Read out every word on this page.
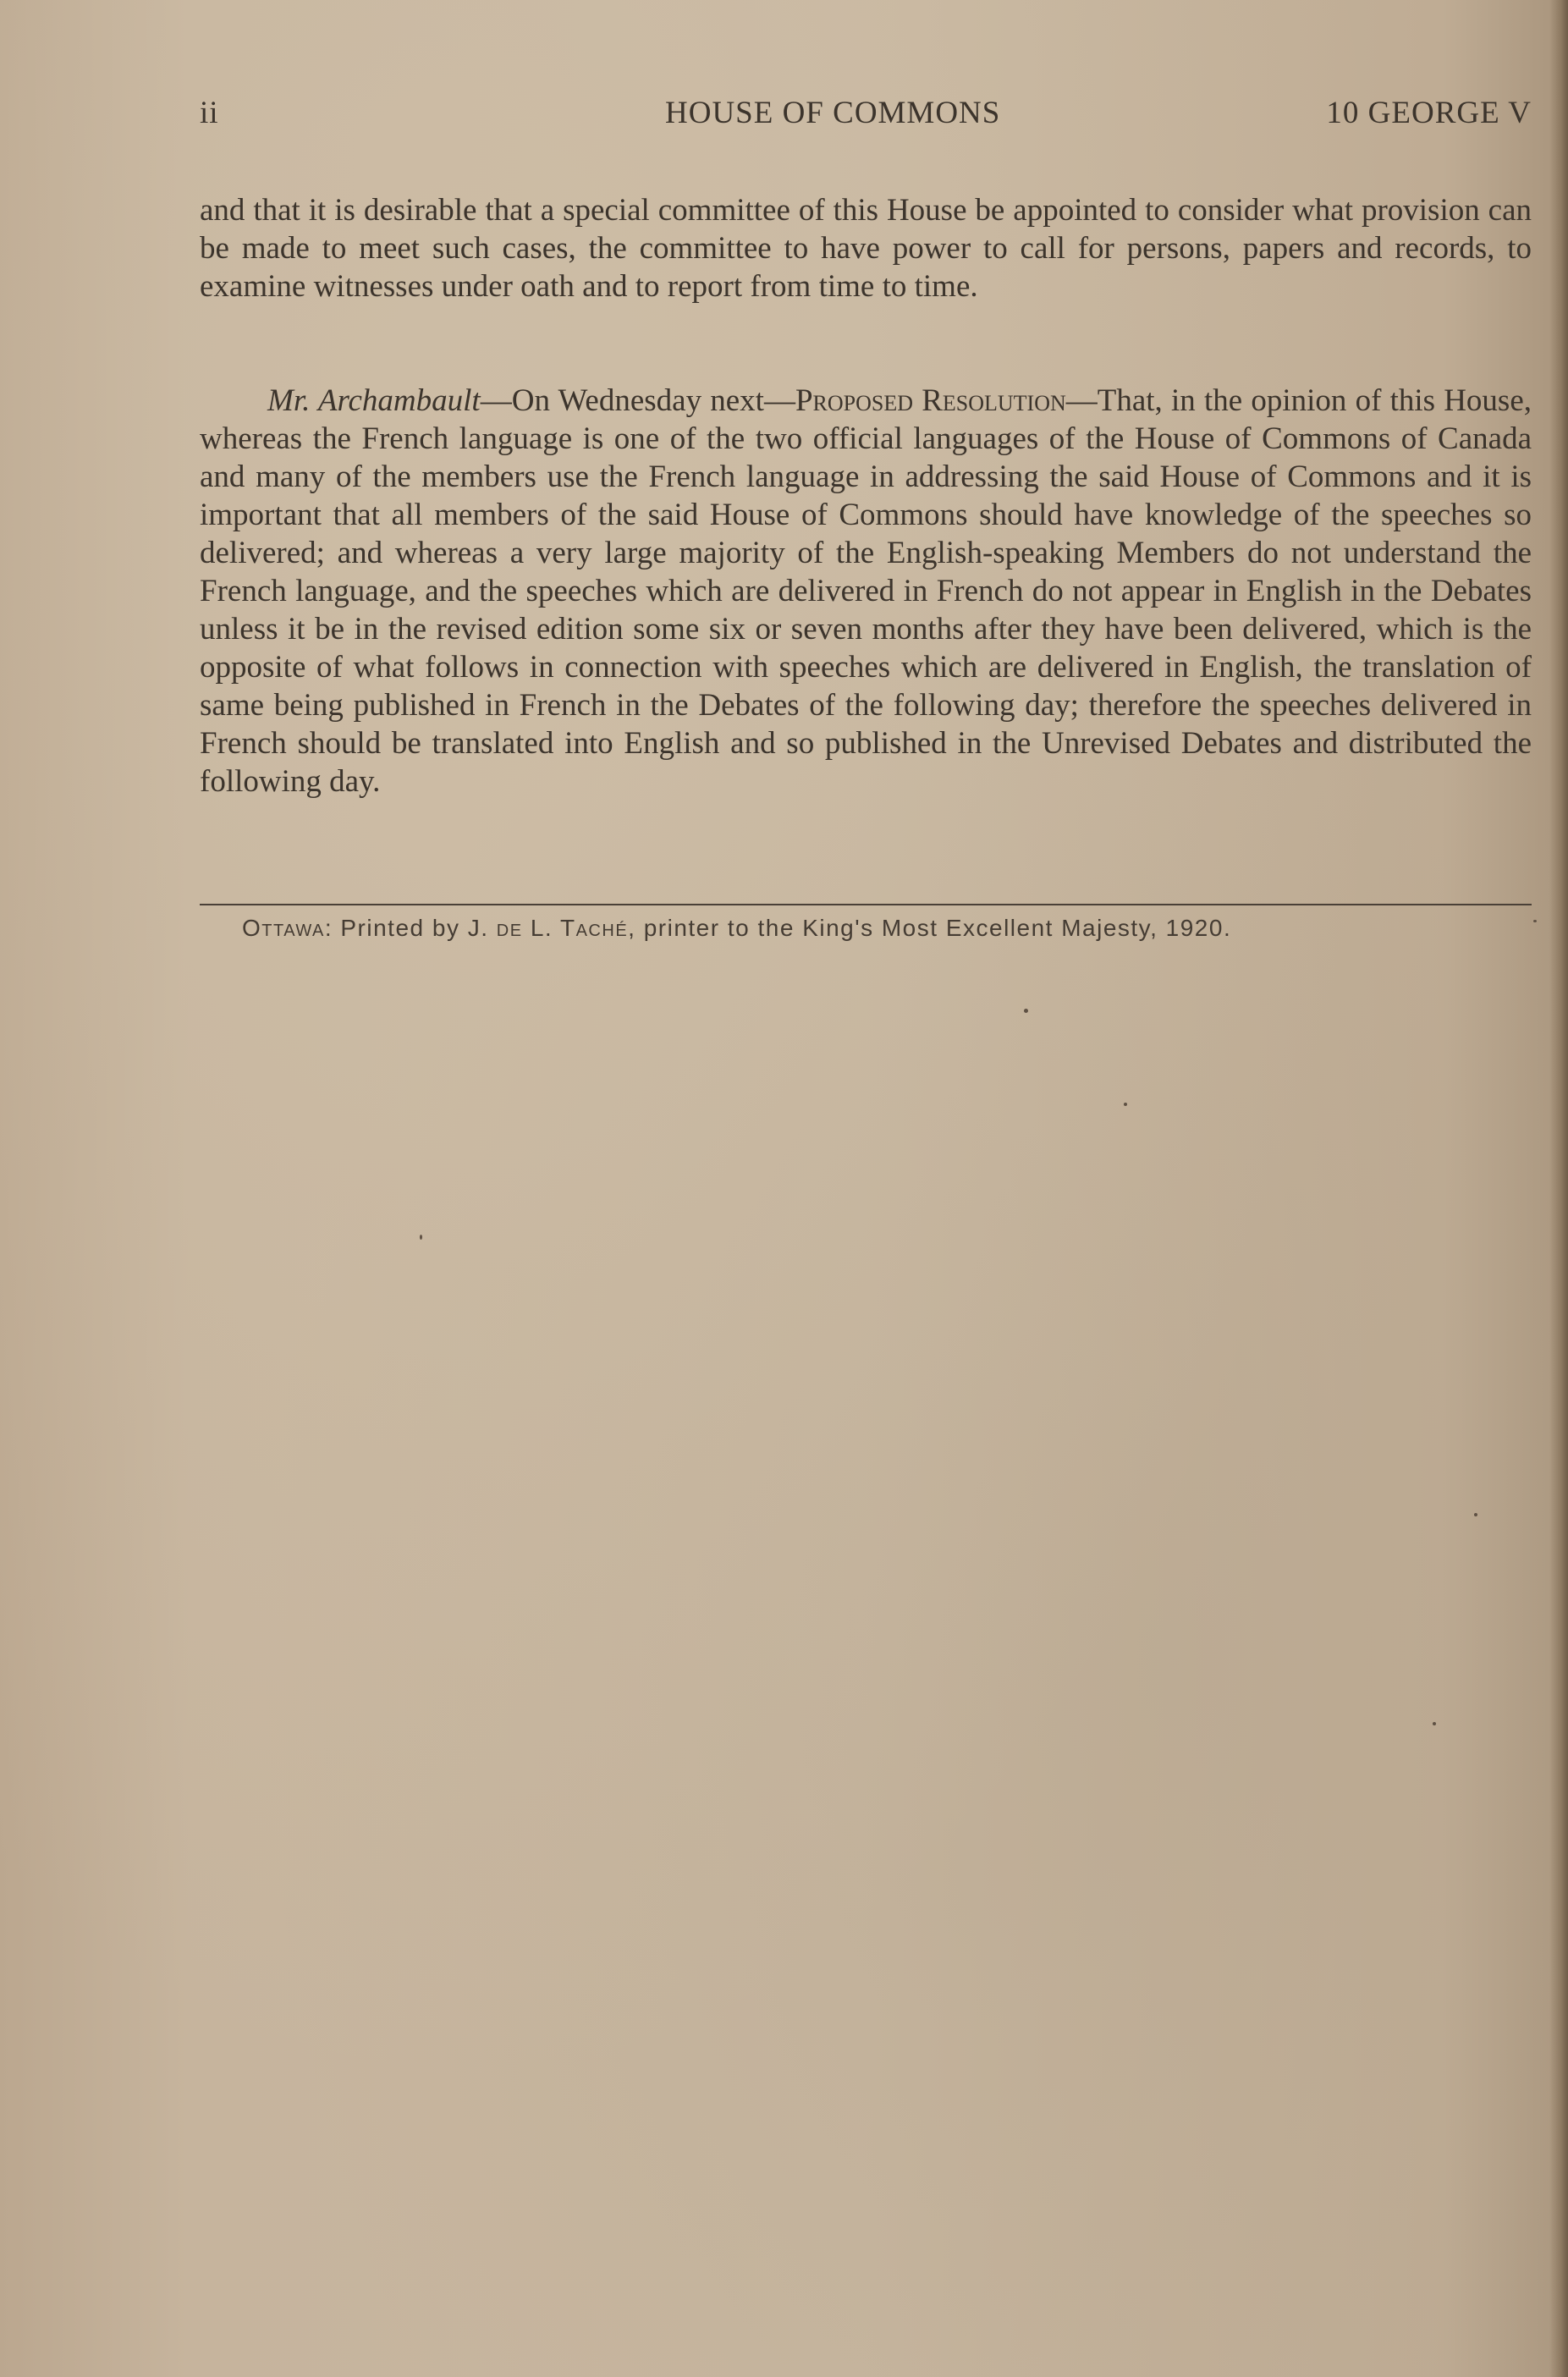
ii	HOUSE OF COMMONS	10 GEORGE V

and that it is desirable that a special committee of this House be appointed to consider what provision can be made to meet such cases, the committee to have power to call for persons, papers and records, to examine witnesses under oath and to report from time to time.

Mr. Archambault—On Wednesday next—Proposed Resolution—That, in the opinion of this House, whereas the French language is one of the two official languages of the House of Commons of Canada and many of the members use the French language in addressing the said House of Commons and it is important that all members of the said House of Commons should have knowledge of the speeches so delivered; and whereas a very large majority of the English-speaking Members do not understand the French language, and the speeches which are delivered in French do not appear in English in the Debates unless it be in the revised edition some six or seven months after they have been delivered, which is the opposite of what follows in connection with speeches which are delivered in English, the translation of same being published in French in the Debates of the following day; therefore the speeches delivered in French should be translated into English and so published in the Unrevised Debates and distributed the following day.

Ottawa: Printed by J. de L. Taché, printer to the King's Most Excellent Majesty, 1920.
